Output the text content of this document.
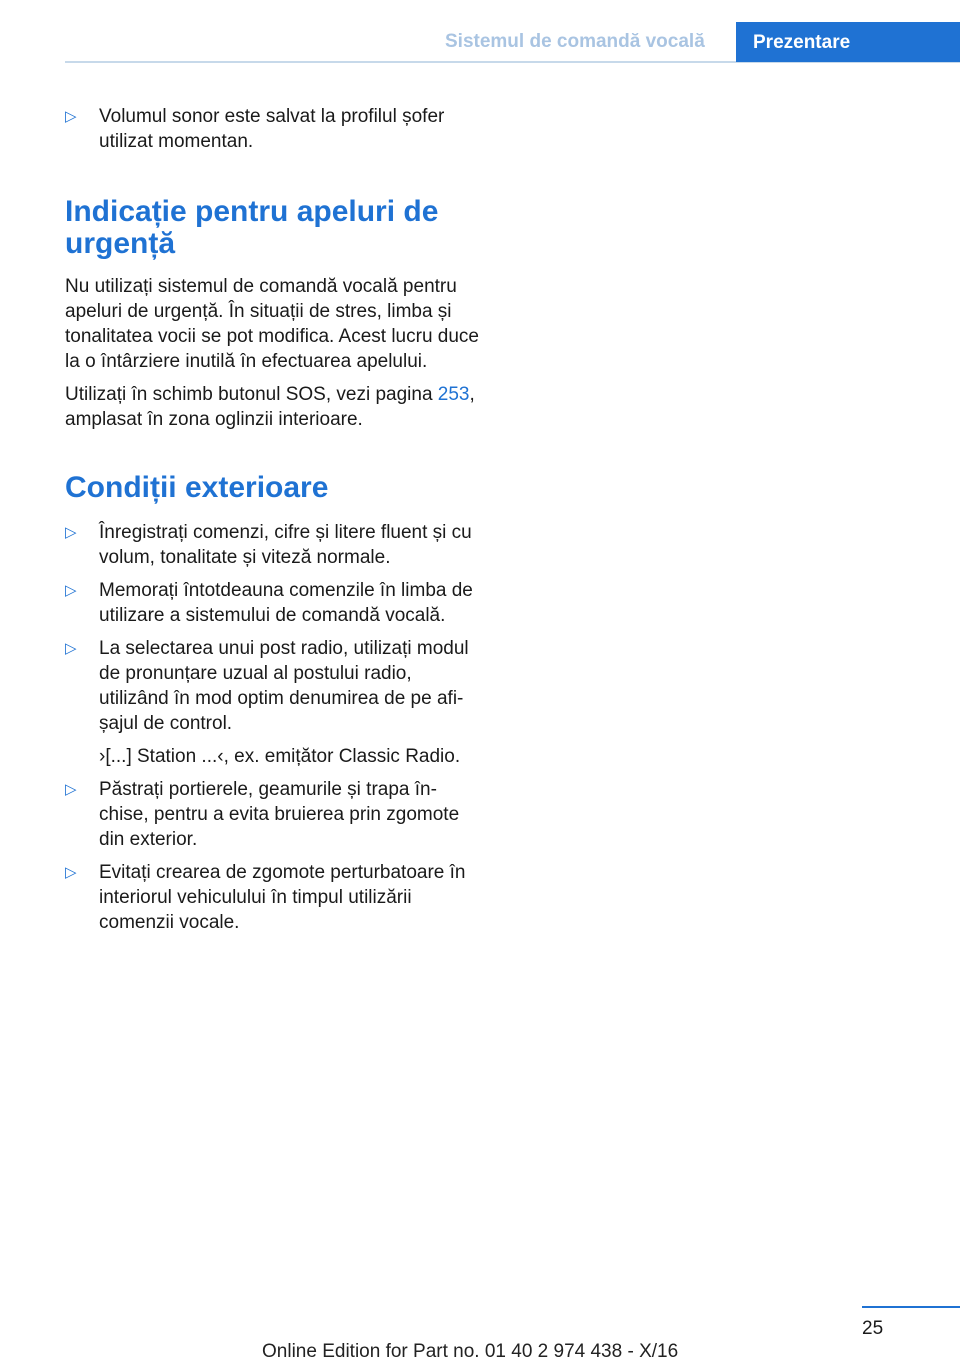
Sistemul de comandă vocală	Prezentare
▷ Volumul sonor este salvat la profilul șofer utilizat momentan.
Indicație pentru apeluri de urgență

Nu utilizați sistemul de comandă vocală pentru apeluri de urgență. În situații de stres, limba și tonalitatea vocii se pot modifica. Acest lucru duce la o întârziere inutilă în efectuarea apelului.

Utilizați în schimb butonul SOS, vezi pagina 253, amplasat în zona oglinzii interioare.

Condiții exterioare
▷ Înregistrați comenzi, cifre și litere fluent și cu volum, tonalitate și viteză normale.
▷ Memorați întotdeauna comenzile în limba de utilizare a sistemului de comandă vocală.
▷ La selectarea unui post radio, utilizați modul de pronunțare uzual al postului radio, utilizând în mod optim denumirea de pe afișajul de control.
›[...] Station ...‹, ex. emițător Classic Radio.
▷ Păstrați portierele, geamurile și trapa închise, pentru a evita bruierea prin zgomote din exterior.
▷ Evitați crearea de zgomote perturbatoare în interiorul vehiculului în timpul utilizării comenzii vocale.
25
Online Edition for Part no. 01 40 2 974 438 - X/16
